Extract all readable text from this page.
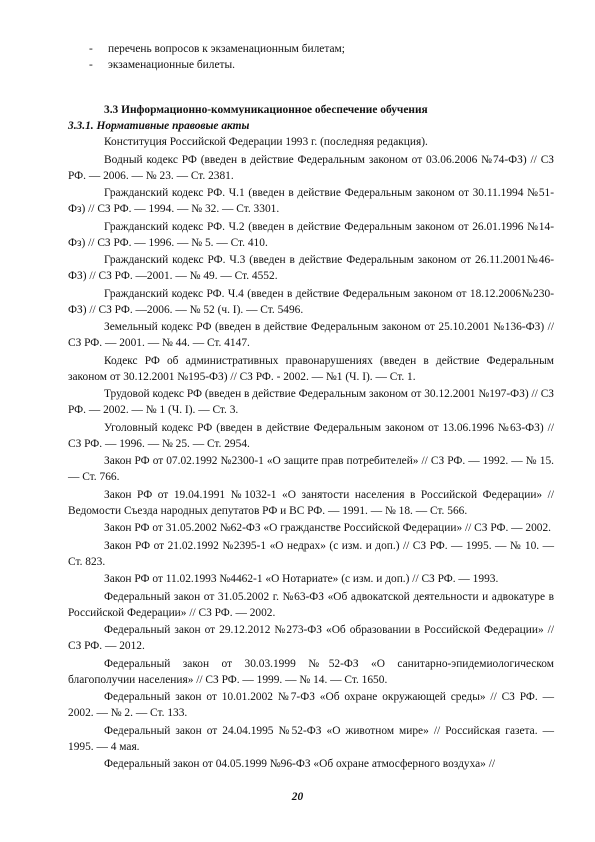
- перечень вопросов к экзаменационным билетам;
- экзаменационные билеты.
3.3 Информационно-коммуникационное обеспечение обучения
3.3.1. Нормативные правовые акты
Конституция Российской Федерации 1993 г. (последняя редакция).
Водный кодекс РФ (введен в действие Федеральным законом от 03.06.2006 №74-ФЗ) // СЗ РФ. — 2006. — № 23. — Ст. 2381.
Гражданский кодекс РФ. Ч.1 (введен в действие Федеральным законом от 30.11.1994 №51-Фз) // СЗ РФ. — 1994. — № 32. — Ст. 3301.
Гражданский кодекс РФ. Ч.2 (введен в действие Федеральным законом от 26.01.1996 №14-Фз) // СЗ РФ. — 1996. — № 5. — Ст. 410.
Гражданский кодекс РФ. Ч.3 (введен в действие Федеральным законом от 26.11.2001№46-ФЗ) // СЗ РФ. —2001. — № 49. — Ст. 4552.
Гражданский кодекс РФ. Ч.4 (введен в действие Федеральным законом от 18.12.2006№230-ФЗ) // СЗ РФ. —2006. — № 52 (ч. I). — Ст. 5496.
Земельный кодекс РФ (введен в действие Федеральным законом от 25.10.2001 №136-ФЗ) // СЗ РФ. — 2001. — № 44. — Ст. 4147.
Кодекс РФ об административных правонарушениях (введен в действие Федеральным законом от 30.12.2001 №195-ФЗ) // СЗ РФ. - 2002. — №1 (Ч. I). — Ст. 1.
Трудовой кодекс РФ (введен в действие Федеральным законом от 30.12.2001 №197-ФЗ) // СЗ РФ. — 2002. — № 1 (Ч. I). — Ст. 3.
Уголовный кодекс РФ (введен в действие Федеральным законом от 13.06.1996 №63-ФЗ) // СЗ РФ. — 1996. — № 25. — Ст. 2954.
Закон РФ от 07.02.1992 №2300-1 «О защите прав потребителей» // СЗ РФ. — 1992. — № 15. — Ст. 766.
Закон РФ от 19.04.1991 №1032-1 «О занятости населения в Российской Федерации» // Ведомости Съезда народных депутатов РФ и ВС РФ. — 1991. — № 18. — Ст. 566.
Закон РФ от 31.05.2002 №62-ФЗ «О гражданстве Российской Федерации» // СЗ РФ. — 2002.
Закон РФ от 21.02.1992 №2395-1 «О недрах» (с изм. и доп.) // СЗ РФ. — 1995. — № 10. — Ст. 823.
Закон РФ от 11.02.1993 №4462-1 «О Нотариате» (с изм. и доп.) // СЗ РФ. — 1993.
Федеральный закон от 31.05.2002 г. №63-ФЗ «Об адвокатской деятельности и адвокатуре в Российской Федерации» // СЗ РФ. — 2002.
Федеральный закон от 29.12.2012 №273-ФЗ «Об образовании в Российской Федерации» // СЗ РФ. — 2012.
Федеральный закон от 30.03.1999 №52-ФЗ «О санитарно-эпидемиологическом благополучии населения» // СЗ РФ. — 1999. — № 14. — Ст. 1650.
Федеральный закон от 10.01.2002 №7-ФЗ «Об охране окружающей среды» // СЗ РФ. — 2002. — № 2. — Ст. 133.
Федеральный закон от 24.04.1995 №52-ФЗ «О животном мире» // Российская газета. — 1995. — 4 мая.
Федеральный закон от 04.05.1999 №96-ФЗ «Об охране атмосферного воздуха» //
20
